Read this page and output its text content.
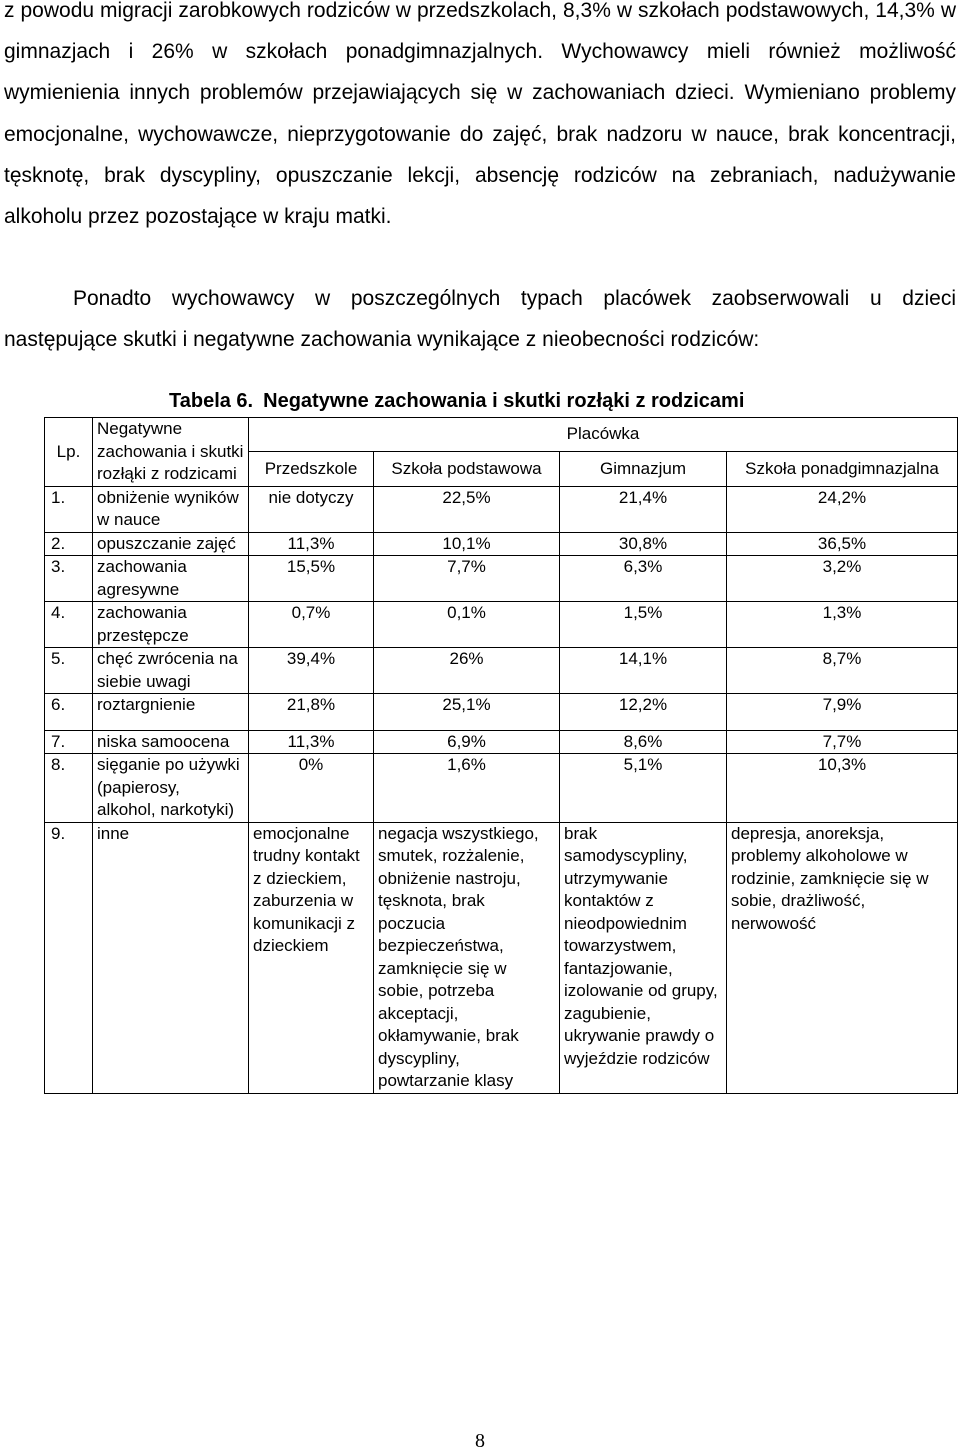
z powodu migracji zarobkowych rodziców w przedszkolach, 8,3% w szkołach podstawowych, 14,3% w gimnazjach i 26% w szkołach ponadgimnazjalnych. Wychowawcy mieli również możliwość wymienienia innych problemów przejawiających się w zachowaniach dzieci. Wymieniano problemy emocjonalne, wychowawcze, nieprzygotowanie do zajęć, brak nadzoru w nauce, brak koncentracji, tęsknotę, brak dyscypliny, opuszczanie lekcji, absencję rodziców na zebraniach, nadużywanie alkoholu przez pozostające w kraju matki.
Ponadto wychowawcy w poszczególnych typach placówek zaobserwowali u dzieci następujące skutki i negatywne zachowania wynikające z nieobecności rodziców:
Tabela 6. Negatywne zachowania i skutki rozłąki z rodzicami
Lp.	Negatywne zachowania i skutki rozłąki z rodzicami	Placówka			
		Przedszkole	Szkoła podstawowa	Gimnazjum	Szkoła ponadgimnazjalna
1.	obniżenie wyników w nauce	nie dotyczy	22,5%	21,4%	24,2%
2.	opuszczanie zajęć	11,3%	10,1%	30,8%	36,5%
3.	zachowania agresywne	15,5%	7,7%	6,3%	3,2%
4.	zachowania przestępcze	0,7%	0,1%	1,5%	1,3%
5.	chęć zwrócenia na siebie uwagi	39,4%	26%	14,1%	8,7%
6.	roztargnienie	21,8%	25,1%	12,2%	7,9%
7.	niska samoocena	11,3%	6,9%	8,6%	7,7%
8.	sięganie po używki (papierosy, alkohol, narkotyki)	0%	1,6%	5,1%	10,3%
9.	inne	emocjonalne trudny kontakt z dzieckiem, zaburzenia w komunikacji z dzieckiem	negacja wszystkiego, smutek, rozżalenie, obniżenie nastroju, tęsknota, brak poczucia bezpieczeństwa, zamknięcie się w sobie, potrzeba akceptacji, okłamywanie, brak dyscypliny, powtarzanie klasy	brak samodyscypliny, utrzymywanie kontaktów z nieodpowiednim towarzystwem, fantazjowanie, izolowanie od grupy, zagubienie, ukrywanie prawdy o wyjeździe rodziców	depresja, anoreksja, problemy alkoholowe w rodzinie, zamknięcie się w sobie, drażliwość, nerwowość
8
